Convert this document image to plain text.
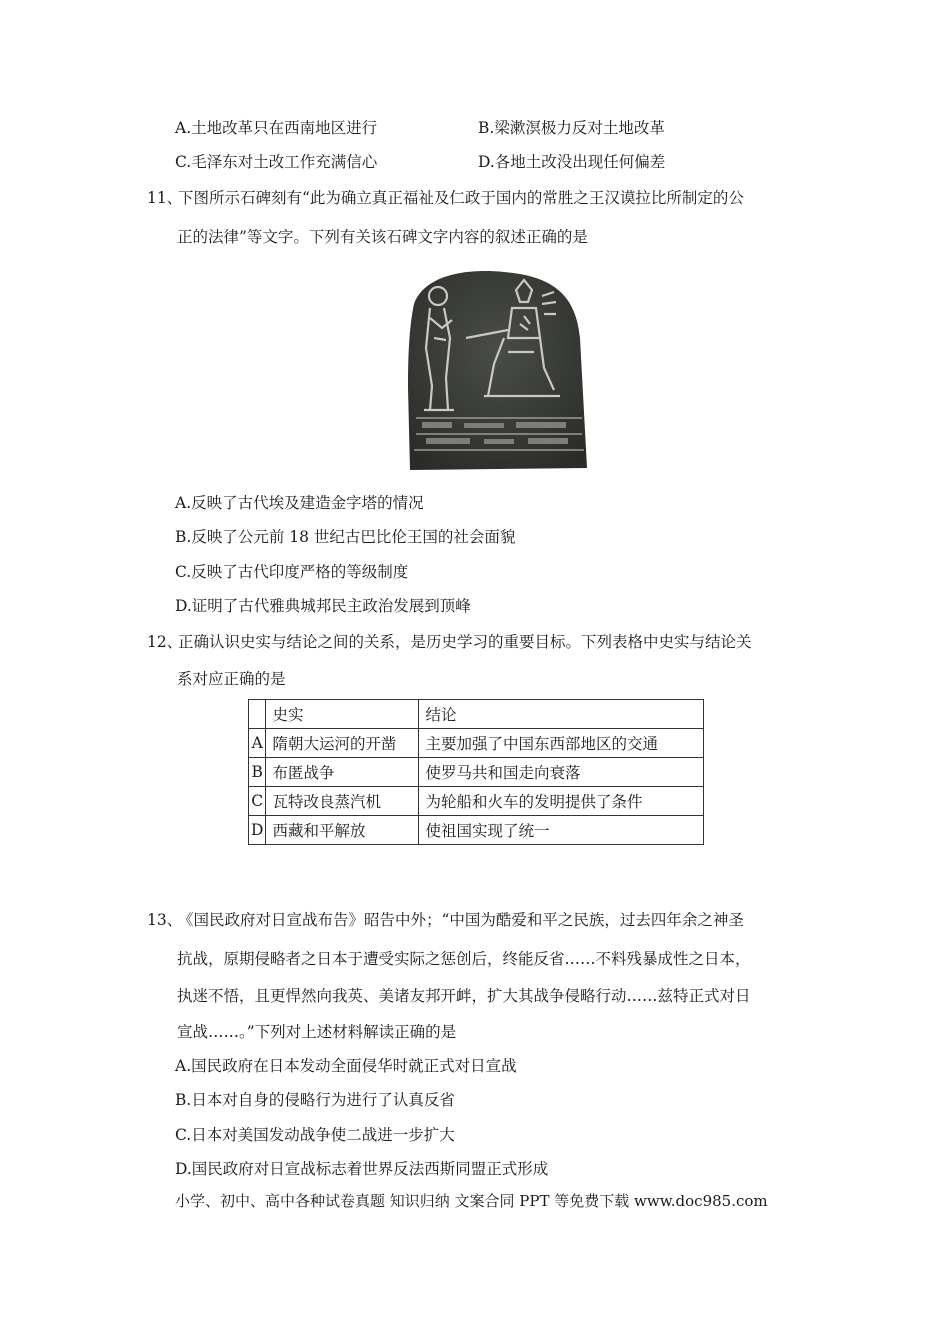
A.土地改革只在西南地区进行	B.梁漱溟极力反对土地改革
C.毛泽东对土改工作充满信心	D.各地土改没出现任何偏差
11、
下图所示石碑刻有“此为确立真正福祉及仁政于国内的常胜之王汉谟拉比所制定的公
正的法律”等文字。下列有关该石碑文字内容的叙述正确的是
A.反映了古代埃及建造金字塔的情况
B.反映了公元前 18 世纪古巴比伦王国的社会面貌
C.反映了古代印度严格的等级制度
D.证明了古代雅典城邦民主政治发展到顶峰
12、
正确认识史实与结论之间的关系，是历史学习的重要目标。下列表格中史实与结论关
系对应正确的是
	史实	结论
A	隋朝大运河的开凿	主要加强了中国东西部地区的交通
B	布匿战争	使罗马共和国走向衰落
C	瓦特改良蒸汽机	为轮船和火车的发明提供了条件
D	西藏和平解放	使祖国实现了统一
13、
《国民政府对日宣战布告》昭告中外；“中国为酷爱和平之民族，过去四年余之神圣
抗战，原期侵略者之日本于遭受实际之惩创后，终能反省……不料残暴成性之日本，
执迷不悟，且更悍然向我英、美诸友邦开衅，扩大其战争侵略行动……兹特正式对日
宣战……。”下列对上述材料解读正确的是
A.国民政府在日本发动全面侵华时就正式对日宣战
B.日本对自身的侵略行为进行了认真反省
C.日本对美国发动战争使二战进一步扩大
D.国民政府对日宣战标志着世界反法西斯同盟正式形成
小学、初中、高中各种试卷真题 知识归纳 文案合同 PPT 等免费下载 www.doc985.com
